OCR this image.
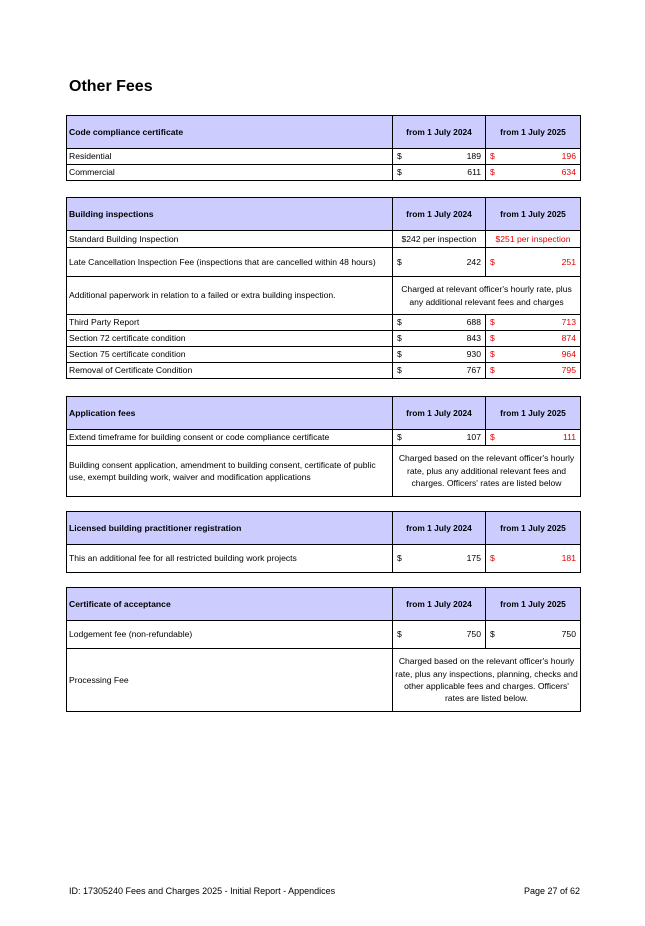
Other Fees
Code compliance certificate	from 1 July 2024	from 1 July 2025
Residential	$ 189	$ 196

Commercial	$ 611	$ 634
Building inspections	from 1 July 2024	from 1 July 2025
Standard Building Inspection	$242 per inspection	$251 per inspection
Late Cancellation Inspection Fee (inspections that are cancelled within 48 hours)	$ 242	$ 251

Additional paperwork in relation to a failed or extra building inspection.	Charged at relevant officer's hourly rate, plus any additional relevant fees and charges	
Third Party Report	$ 688	$ 713

Section 72 certificate condition	$ 843	$ 874

Section 75 certificate condition	$ 930	$ 964

Removal of Certificate Condition	$ 767	$ 795
Application fees	from 1 July 2024	from 1 July 2025
Extend timeframe for building consent or code compliance certificate	$ 107	$ 111

Building consent application, amendment to building consent, certificate of public use, exempt building work, waiver and modification applications	Charged based on the relevant officer's hourly rate, plus any additional relevant fees and charges. Officers' rates are listed below	
Licensed building practitioner registration	from 1 July 2024	from 1 July 2025
This an additional fee for all restricted building work projects	$ 175	$ 181
Certificate of acceptance	from 1 July 2024	from 1 July 2025
Lodgement fee (non-refundable)	$ 750	$ 750

Processing Fee	Charged based on the relevant officer's hourly rate, plus any inspections, planning, checks and other applicable fees and charges. Officers' rates are listed below.	
ID: 17305240 Fees and Charges 2025 - Initial Report - Appendices	Page 27 of 62
